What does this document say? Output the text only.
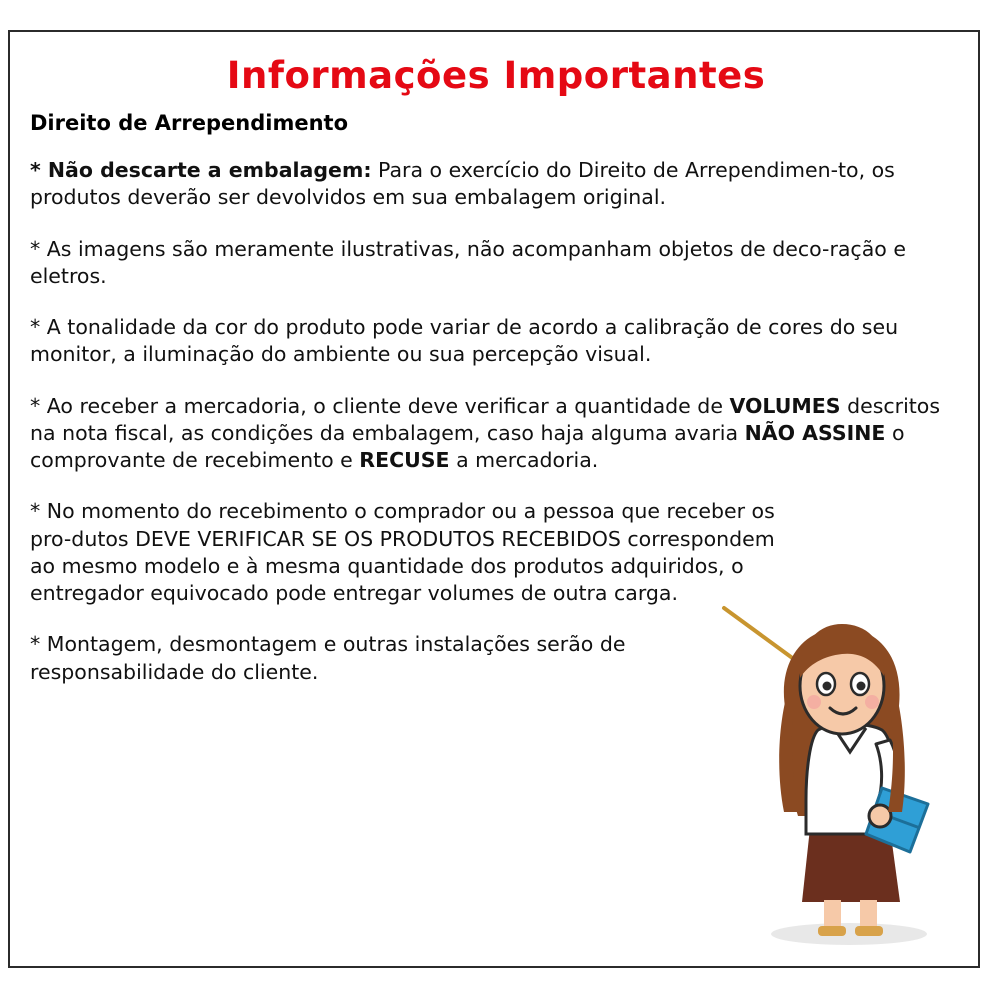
Informações Importantes
Direito de Arrependimento

* Não descarte a embalagem: Para o exercício do Direito de Arrependimen-to, os produtos deverão ser devolvidos em sua embalagem original.

* As imagens são meramente ilustrativas, não acompanham objetos de deco-ração e eletros.

* A tonalidade da cor do produto pode variar de acordo a calibração de cores do seu monitor, a iluminação do ambiente ou sua percepção visual.

* Ao receber a mercadoria, o cliente deve verificar a quantidade de VOLUMES descritos na nota fiscal, as condições da embalagem, caso haja alguma avaria NÃO ASSINE o comprovante de recebimento e RECUSE a mercadoria.

* No momento do recebimento o comprador ou a pessoa que receber os pro-dutos DEVE VERIFICAR SE OS PRODUTOS RECEBIDOS correspondem ao mesmo modelo e à mesma quantidade dos produtos adquiridos, o entregador equivocado pode entregar volumes de outra carga.

* Montagem, desmontagem e outras instalações serão de responsabilidade do cliente.
